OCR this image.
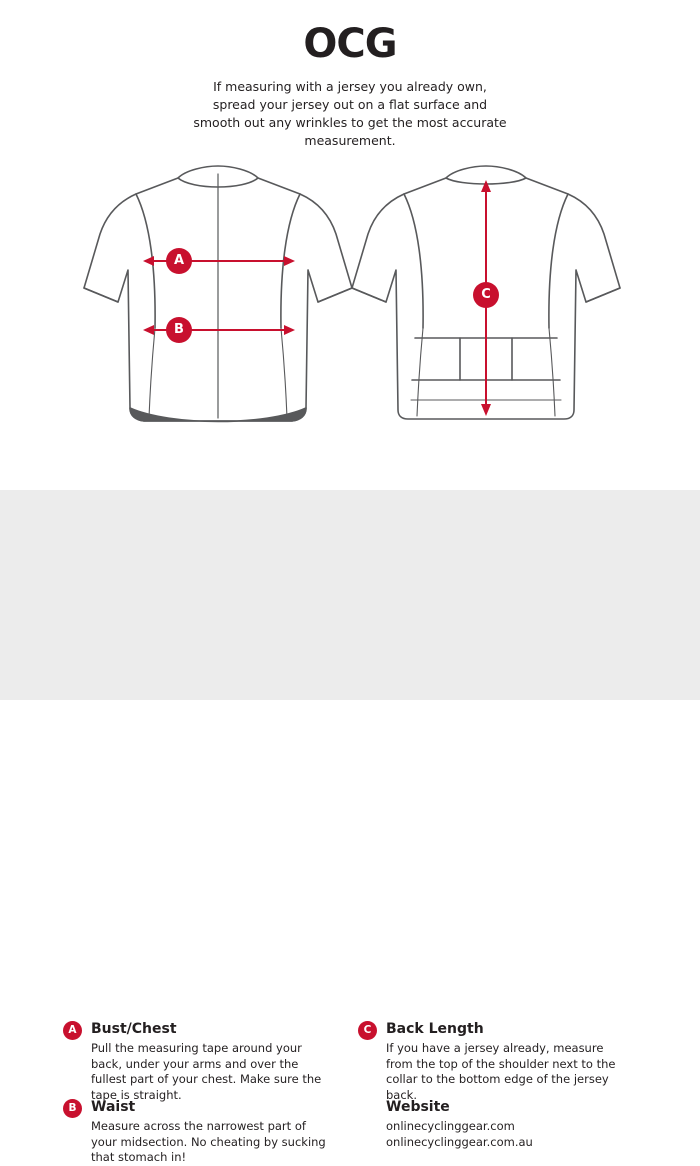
OCG
If measuring with a jersey you already own, spread your jersey out on a flat surface and smooth out any wrinkles to get the most accurate measurement.
A
B
C
A	Bust/Chest
Pull the measuring tape around your back, under your arms and over the fullest part of your chest. Make sure the tape is straight.
B	Waist
Measure across the narrowest part of your midsection. No cheating by sucking that stomach in!
C	Back Length
If you have a jersey already, measure from the top of the shoulder next to the collar to the bottom edge of the jersey back.
Website
onlinecyclinggear.com
onlinecyclinggear.com.au
